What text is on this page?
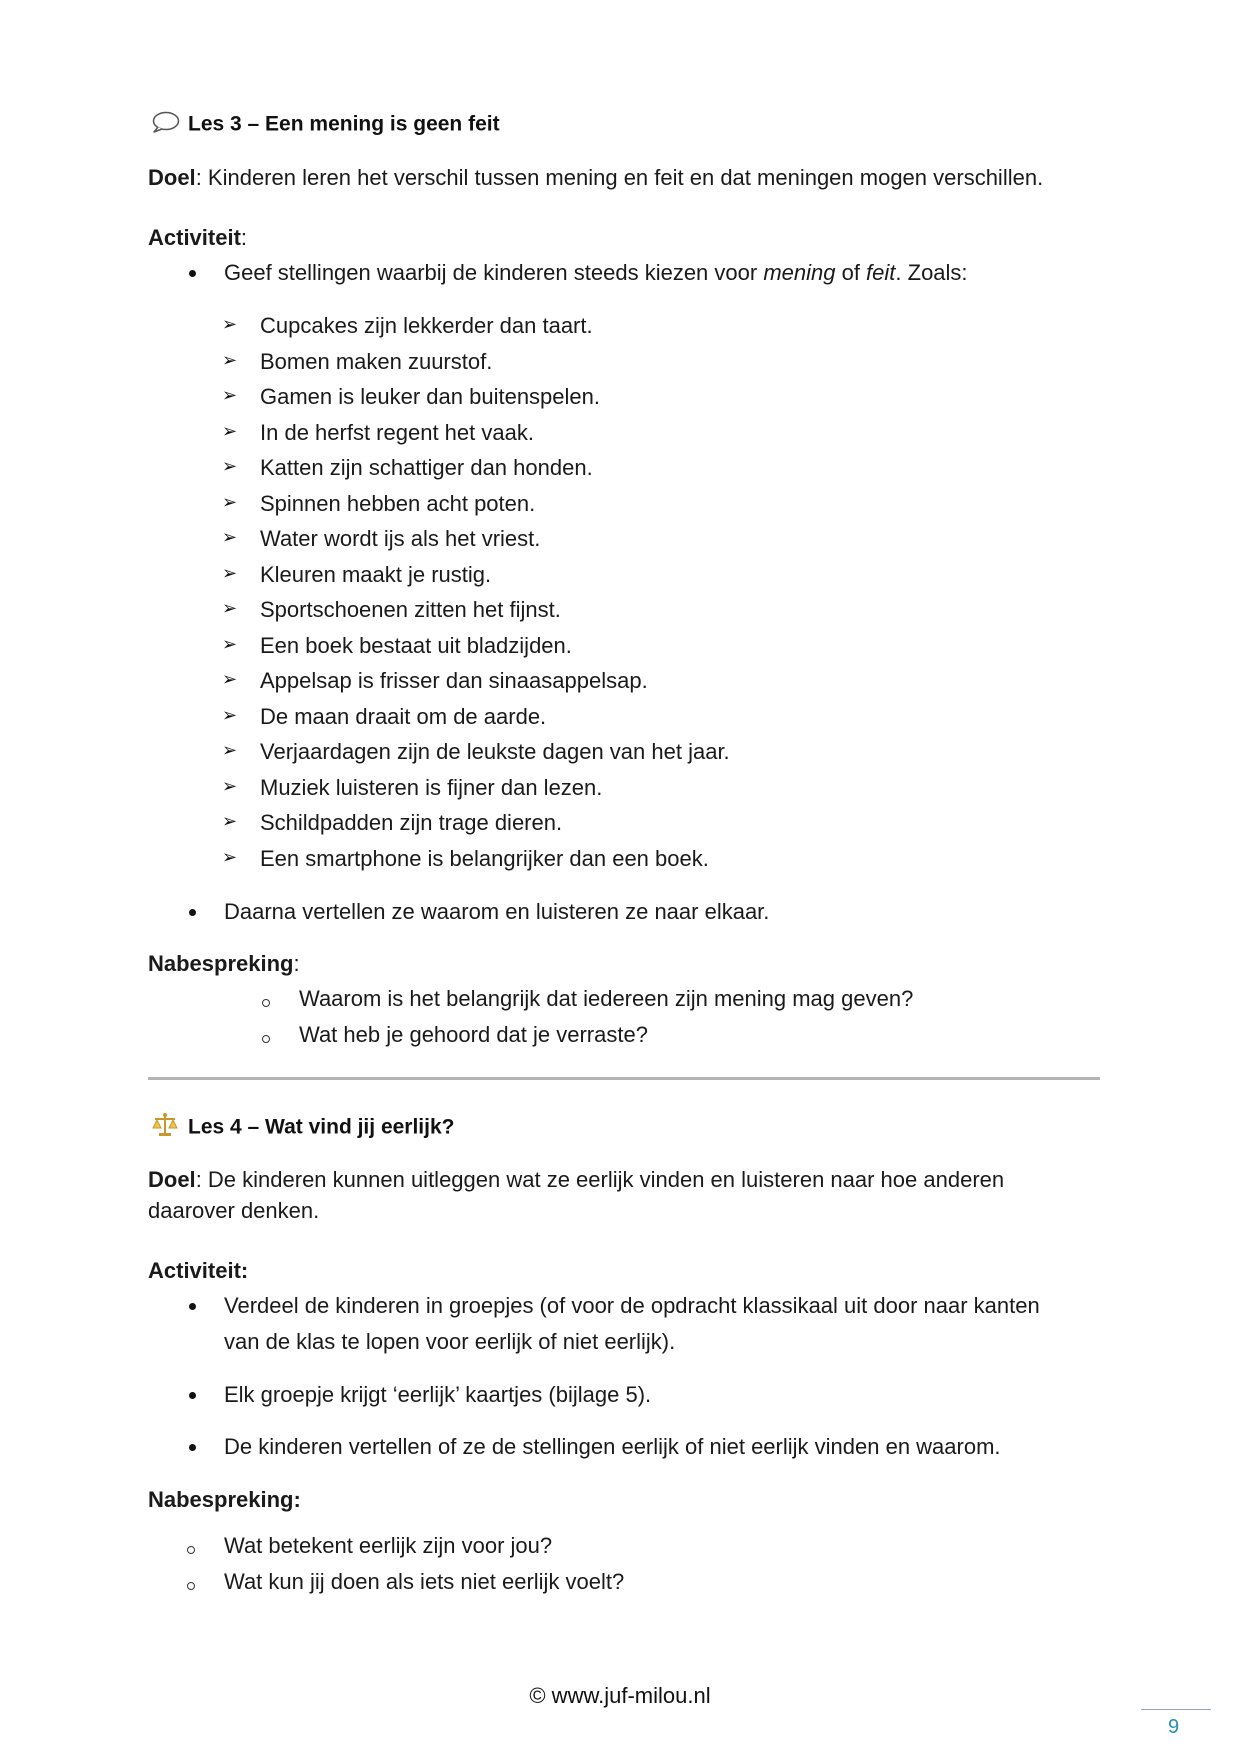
Les 3 – Een mening is geen feit
Doel: Kinderen leren het verschil tussen mening en feit en dat meningen mogen verschillen.
Activiteit:
Geef stellingen waarbij de kinderen steeds kiezen voor mening of feit. Zoals:
➢ Cupcakes zijn lekkerder dan taart.
➢ Bomen maken zuurstof.
➢ Gamen is leuker dan buitenspelen.
➢ In de herfst regent het vaak.
➢ Katten zijn schattiger dan honden.
➢ Spinnen hebben acht poten.
➢ Water wordt ijs als het vriest.
➢ Kleuren maakt je rustig.
➢ Sportschoenen zitten het fijnst.
➢ Een boek bestaat uit bladzijden.
➢ Appelsap is frisser dan sinaasappelsap.
➢ De maan draait om de aarde.
➢ Verjaardagen zijn de leukste dagen van het jaar.
➢ Muziek luisteren is fijner dan lezen.
➢ Schildpadden zijn trage dieren.
➢ Een smartphone is belangrijker dan een boek.
Daarna vertellen ze waarom en luisteren ze naar elkaar.
Nabespreking:
Waarom is het belangrijk dat iedereen zijn mening mag geven?
Wat heb je gehoord dat je verraste?
Les 4 – Wat vind jij eerlijk?
Doel: De kinderen kunnen uitleggen wat ze eerlijk vinden en luisteren naar hoe anderen
daarover denken.
Activiteit:
Verdeel de kinderen in groepjes (of voor de opdracht klassikaal uit door naar kanten
van de klas te lopen voor eerlijk of niet eerlijk).
Elk groepje krijgt ‘eerlijk’ kaartjes (bijlage 5).
De kinderen vertellen of ze de stellingen eerlijk of niet eerlijk vinden en waarom.
Nabespreking:
Wat betekent eerlijk zijn voor jou?
Wat kun jij doen als iets niet eerlijk voelt?
© www.juf-milou.nl
9
